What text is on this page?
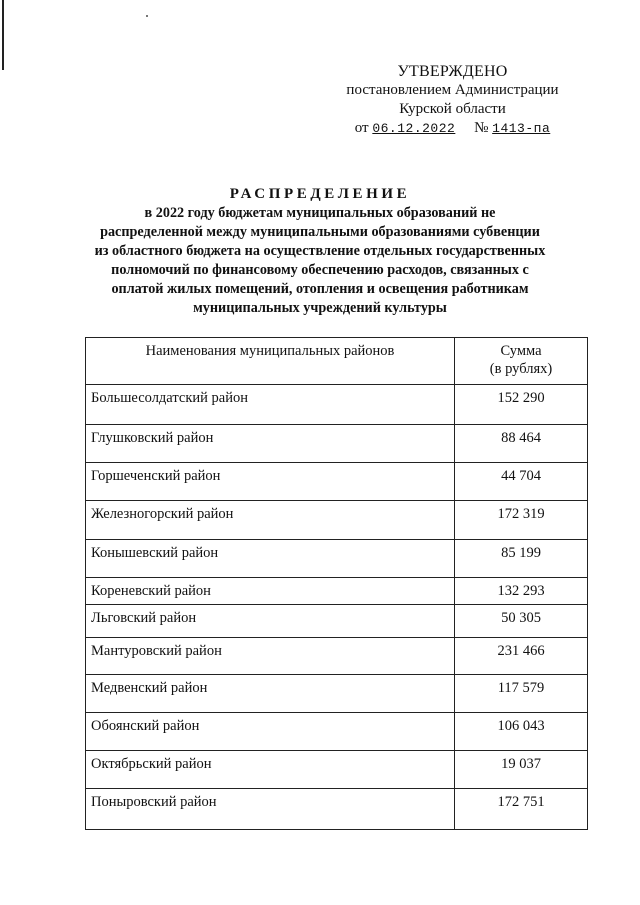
УТВЕРЖДЕНО
постановлением Администрации
Курской области
от 06.12.2022 № 1413-па
РАСПРЕДЕЛЕНИЕ
в 2022 году бюджетам муниципальных образований не
распределенной между муниципальными образованиями субвенции
из областного бюджета на осуществление отдельных государственных
полномочий по финансовому обеспечению расходов, связанных с
оплатой жилых помещений, отопления и освещения работникам
муниципальных учреждений культуры
Наименования муниципальных районов	Сумма
(в рублях)

Большесолдатский район	152 290
Глушковский район	88 464
Горшеченский район	44 704
Железногорский район	172 319
Конышевский район	85 199
Кореневский район	132 293
Льговский район	50 305
Мантуровский район	231 466
Медвенский район	117 579
Обоянский район	106 043
Октябрьский район	19 037
Поныровский район	172 751
